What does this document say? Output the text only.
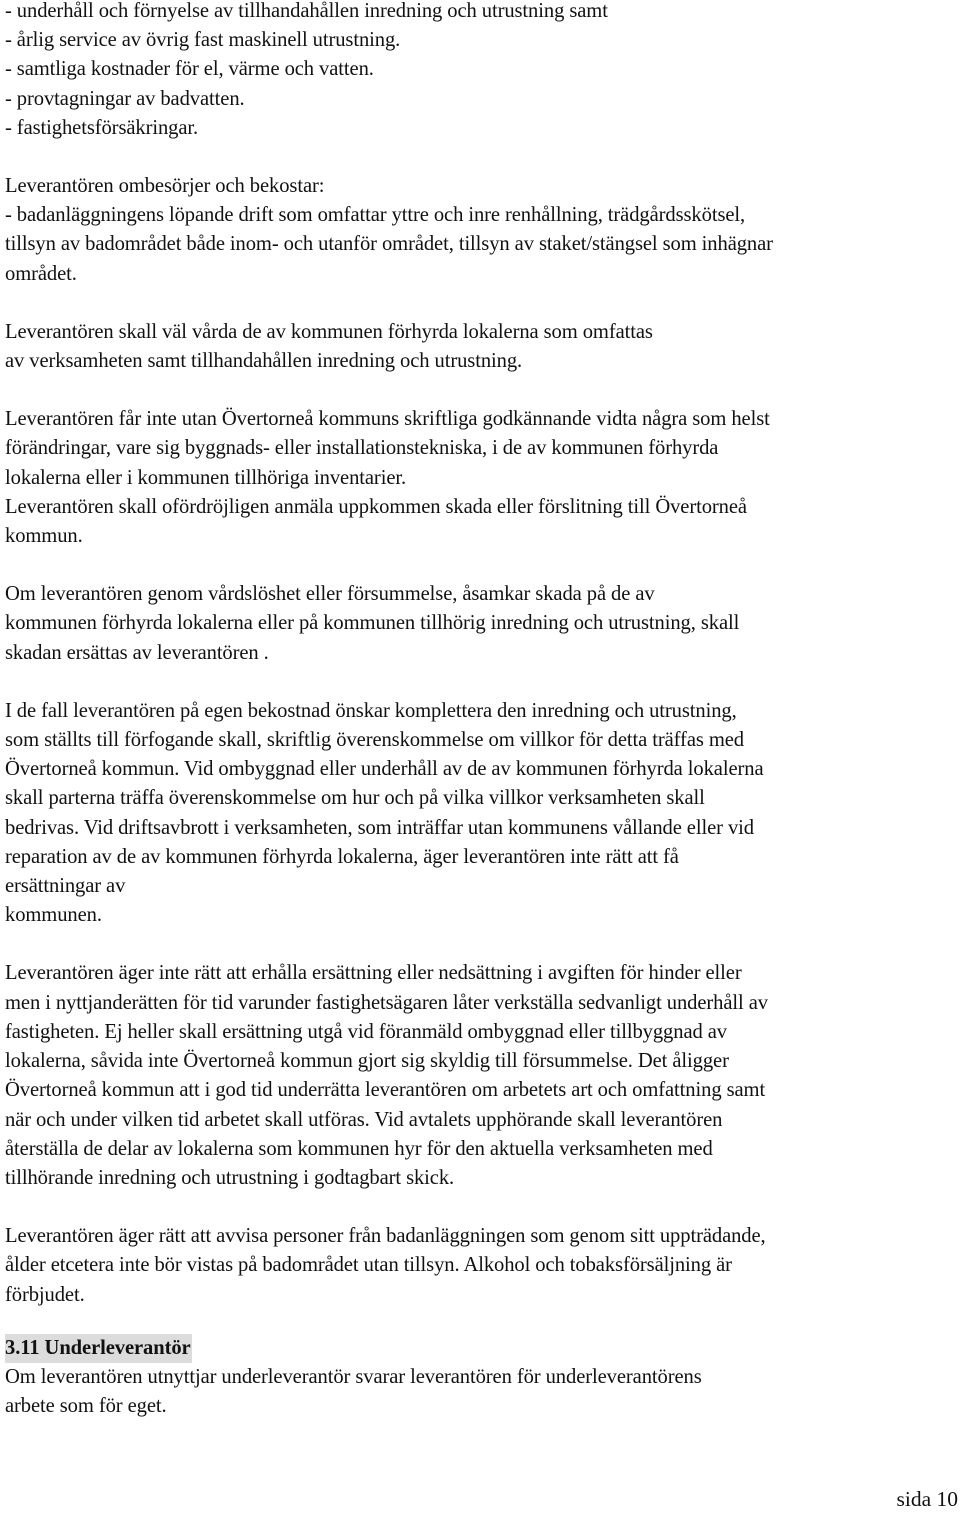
- underhåll och förnyelse av tillhandahållen inredning och utrustning samt
- årlig service av övrig fast maskinell utrustning.
- samtliga kostnader för el, värme och vatten.
- provtagningar av badvatten.
- fastighetsförsäkringar.
Leverantören ombesörjer och bekostar:
- badanläggningens löpande drift som omfattar yttre och inre renhållning, trädgårdsskötsel,
tillsyn av badområdet både inom- och utanför området, tillsyn av staket/stängsel som inhägnar
området.
Leverantören skall väl vårda de av kommunen förhyrda lokalerna som omfattas
av verksamheten samt tillhandahållen inredning och utrustning.
Leverantören får inte utan Övertorneå kommuns skriftliga godkännande vidta några som helst
förändringar, vare sig byggnads- eller installationstekniska, i de av kommunen förhyrda
lokalerna eller i kommunen tillhöriga inventarier.
Leverantören skall ofördröjligen anmäla uppkommen skada eller förslitning till Övertorneå
kommun.
Om leverantören genom vårdslöshet eller försummelse, åsamkar skada på de av
kommunen förhyrda lokalerna eller på kommunen tillhörig inredning och utrustning, skall
skadan ersättas av leverantören .
I de fall leverantören på egen bekostnad önskar komplettera den inredning och utrustning,
som ställts till förfogande skall, skriftlig överenskommelse om villkor för detta träffas med
Övertorneå kommun. Vid ombyggnad eller underhåll av de av kommunen förhyrda lokalerna
skall parterna träffa överenskommelse om hur och på vilka villkor verksamheten skall
bedrivas. Vid driftsavbrott i verksamheten, som inträffar utan kommunens vållande eller vid
reparation av de av kommunen förhyrda lokalerna, äger leverantören inte rätt att få
ersättningar av
kommunen.
Leverantören äger inte rätt att erhålla ersättning eller nedsättning i avgiften för hinder eller
men i nyttjanderätten för tid varunder fastighetsägaren låter verkställa sedvanligt underhåll av
fastigheten. Ej heller skall ersättning utgå vid föranmäld ombyggnad eller tillbyggnad av
lokalerna, såvida inte Övertorneå kommun gjort sig skyldig till försummelse. Det åligger
Övertorneå kommun att i god tid underrätta leverantören om arbetets art och omfattning samt
när och under vilken tid arbetet skall utföras. Vid avtalets upphörande skall leverantören
återställa de delar av lokalerna som kommunen hyr för den aktuella verksamheten med
tillhörande inredning och utrustning i godtagbart skick.
Leverantören äger rätt att avvisa personer från badanläggningen som genom sitt uppträdande,
ålder etcetera inte bör vistas på badområdet utan tillsyn. Alkohol och tobaksförsäljning är
förbjudet.
3.11 Underleverantör
Om leverantören utnyttjar underleverantör svarar leverantören för underleverantörens
arbete som för eget.
sida 10
